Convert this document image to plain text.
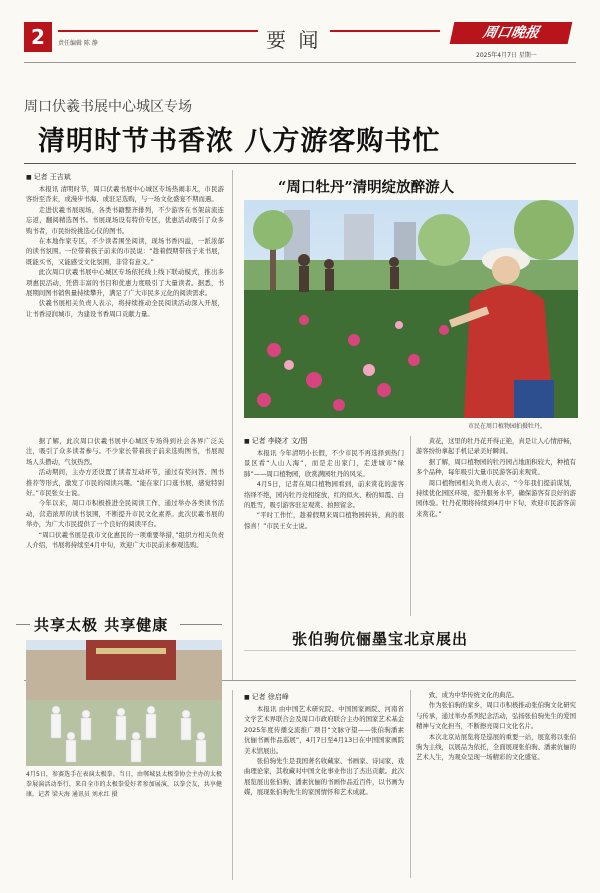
2	责任编辑 陈 静	要 闻	周口晚报
2025年4月7日 星期一
周口伏羲书展中心城区专场
清明时节书香浓 八方游客购书忙
■ 记者 王吉斌

本报讯 清明时节，周口伏羲书展中心城区专场热闹非凡，市民游客纷至沓来，或漫步书海、或驻足选购，与一场文化盛宴不期而遇。

走进伏羲书展现场，各类书籍整齐排列，不少游客在书架前流连忘返，翻阅精选图书。书展现场设有特价专区，优惠活动吸引了众多购书者，市民纷纷挑选心仪的图书。

在本地作家专区，不少读者围坐阅读，现场书香四溢，一派浓郁的读书氛围。一位带着孩子前来的市民说：“趁着假期带孩子来书展，既能买书，又能感受文化氛围，非常有意义。”

此次周口伏羲书展中心城区专场依托线上线下联动模式，推出多项惠民活动，凭借丰富的书目和优惠力度吸引了大量读者。据悉，书展期间图书销售量持续攀升，满足了广大市民多元化的阅读需求。

伏羲书展相关负责人表示，将持续推动全民阅读活动深入开展，让书香浸润城市，为建设书香周口贡献力量。

据了解，此次周口伏羲书展中心城区专场得到社会各界广泛关注，吸引了众多读者参与。不少家长带着孩子前来选购图书，书展现场人头攒动，气氛热烈。

活动期间，主办方还设置了读者互动环节，通过有奖问答、图书推荐等形式，激发了市民的阅读兴趣。“能在家门口逛书展，感觉特别好。”市民张女士说。

今年以来，周口市积极推进全民阅读工作，通过举办各类读书活动，营造浓厚的读书氛围，不断提升市民文化素养。此次伏羲书展的举办，为广大市民提供了一个良好的阅读平台。

“周口伏羲书展是我市文化惠民的一项重要举措，”组织方相关负责人介绍，书展将持续至4月中旬，欢迎广大市民前来参观选购。

“周口牡丹”清明绽放醉游人
市民在周口植物园拍摄牡丹。
■ 记者 李晓才 文/图

本报讯 今年清明小长假，不少市民不再选择到热门景区看“人山人海”，而是走出家门，走进城市“绿肺”——周口植物园，欣赏满园牡丹的风采。

4月5日，记者在周口植物园看到，前来赏花的游客络绎不绝，园内牡丹竞相绽放，红的似火、粉的如霞、白的胜雪，吸引游客驻足观赏、拍照留念。

“平时工作忙，趁着假期来周口植物园转转，真的很惊喜！”市民王女士说。

黄花，这里的牡丹花开得正艳，真是让人心情舒畅，游客纷纷拿起手机记录美好瞬间。

据了解，周口植物园的牡丹园占地面积较大，种植有多个品种，每年吸引大量市民游客前来观赏。

周口植物园相关负责人表示，“今年我们提前谋划，持续优化园区环境，提升服务水平，确保游客有良好的游园体验。牡丹花期将持续到4月中下旬，欢迎市民游客前来赏花。”

共享太极 共享健康
4月5日，参赛选手在表演太极拳。当日，由郸城县太极拳协会主办的太极拳展演活动举行，来自全市的太极拳爱好者参加展演，以拳会友，共享健康。记者 梁天海 通讯员 刘永红 摄
张伯驹伉俪墨宝北京展出
■ 记者 徐启峰

本报讯 由中国艺术研究院、中国国家画院、河南省文学艺术界联合会及周口市政府联合主办的国家艺术基金2025年度传播交流推广项目“文脉守望——张伯驹潘素伉俪书画作品巡展”，4月7日至4月13日在中国国家画院美术馆展出。

张伯驹先生是我国著名收藏家、书画家、诗词家、戏曲理论家，其收藏对中国文化事业作出了杰出贡献。此次展览展出张伯驹、潘素伉俪的书画作品近百件，以书画为媒，展现张伯驹先生的家国情怀和艺术成就。

致，成为中华传统文化的典范。

作为张伯驹的家乡，周口市积极推动张伯驹文化研究与传承，通过举办系列纪念活动，弘扬张伯驹先生的爱国精神与文化担当，不断擦亮周口文化名片。

本次北京站展览将是巡展的重要一站，展览将以张伯驹为主线，以展品为依托，全面展现张伯驹、潘素伉俪的艺术人生，为观众呈现一场精彩的文化盛宴。
